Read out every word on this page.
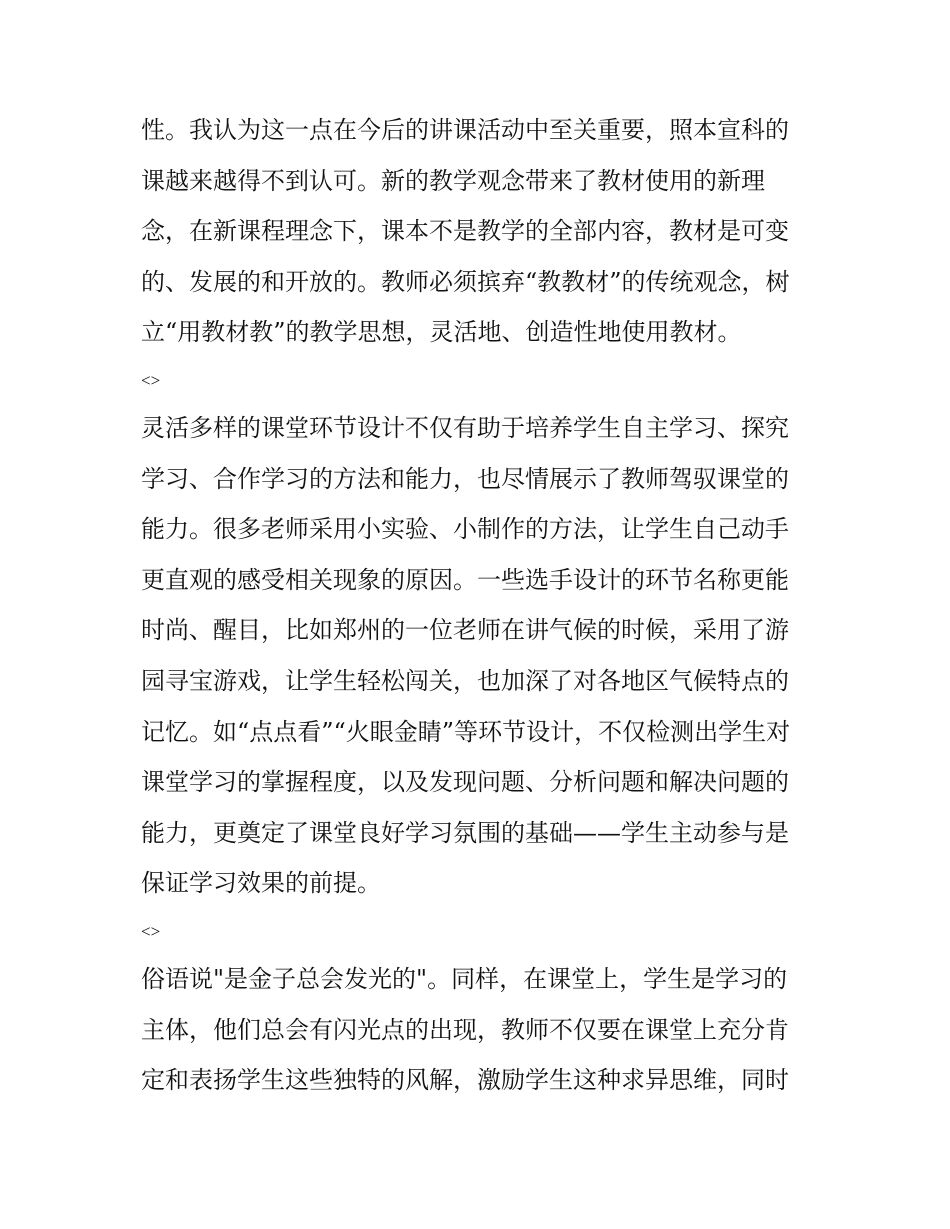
性。我认为这一点在今后的讲课活动中至关重要，照本宣科的
课越来越得不到认可。新的教学观念带来了教材使用的新理
念，在新课程理念下，课本不是教学的全部内容，教材是可变
的、发展的和开放的。教师必须摈弃“教教材”的传统观念，树
立“用教材教”的教学思想，灵活地、创造性地使用教材。
<>
灵活多样的课堂环节设计不仅有助于培养学生自主学习、探究
学习、合作学习的方法和能力，也尽情展示了教师驾驭课堂的
能力。很多老师采用小实验、小制作的方法，让学生自己动手
更直观的感受相关现象的原因。一些选手设计的环节名称更能
时尚、醒目，比如郑州的一位老师在讲气候的时候，采用了游
园寻宝游戏，让学生轻松闯关，也加深了对各地区气候特点的
记忆。如“点点看”“火眼金睛”等环节设计，不仅检测出学生对
课堂学习的掌握程度，以及发现问题、分析问题和解决问题的
能力，更奠定了课堂良好学习氛围的基础——学生主动参与是
保证学习效果的前提。
<>
俗语说"是金子总会发光的"。同样，在课堂上，学生是学习的
主体，他们总会有闪光点的出现，教师不仅要在课堂上充分肯
定和表扬学生这些独特的风解，激励学生这种求异思维，同时
